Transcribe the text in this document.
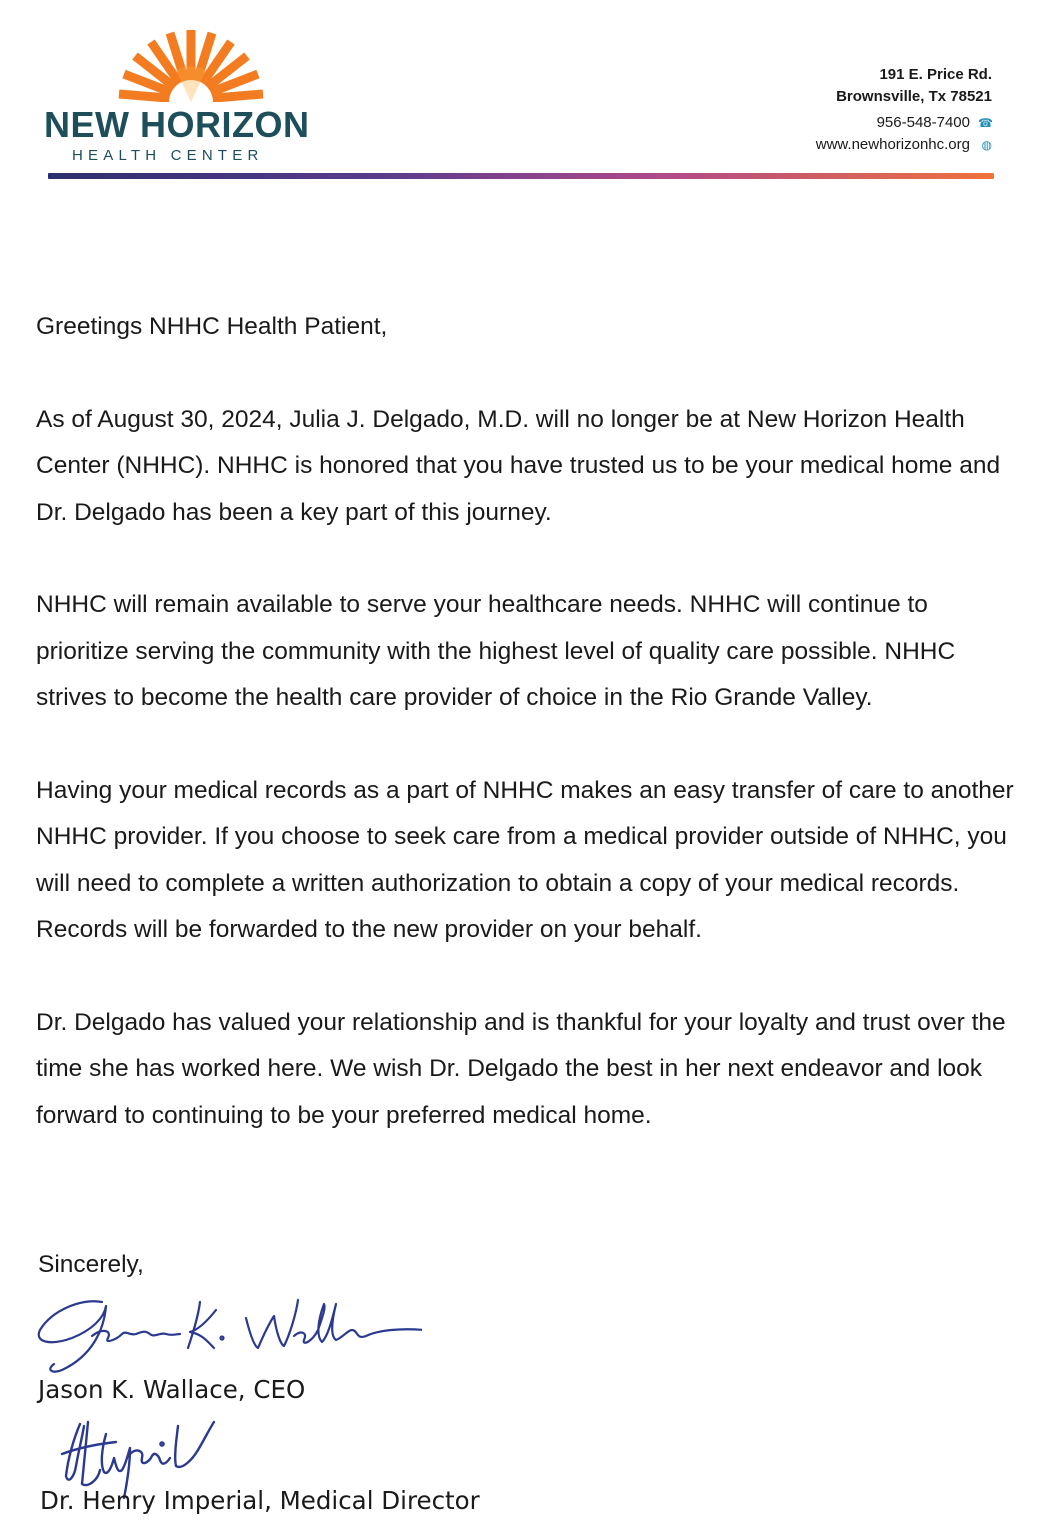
NEW HORIZON
HEALTH CENTER
191 E. Price Rd.
Brownsville, Tx 78521
956-548-7400 ☎
www.newhorizonhc.org ◍

Greetings NHHC Health Patient,

As of August 30, 2024, Julia J. Delgado, M.D. will no longer be at New Horizon Health Center (NHHC). NHHC is honored that you have trusted us to be your medical home and Dr. Delgado has been a key part of this journey.

NHHC will remain available to serve your healthcare needs. NHHC will continue to prioritize serving the community with the highest level of quality care possible. NHHC strives to become the health care provider of choice in the Rio Grande Valley.

Having your medical records as a part of NHHC makes an easy transfer of care to another NHHC provider. If you choose to seek care from a medical provider outside of NHHC, you will need to complete a written authorization to obtain a copy of your medical records. Records will be forwarded to the new provider on your behalf.

Dr. Delgado has valued your relationship and is thankful for your loyalty and trust over the time she has worked here. We wish Dr. Delgado the best in her next endeavor and look forward to continuing to be your preferred medical home.

Sincerely,
Jason K. Wallace, CEO
Dr. Henry Imperial, Medical Director
